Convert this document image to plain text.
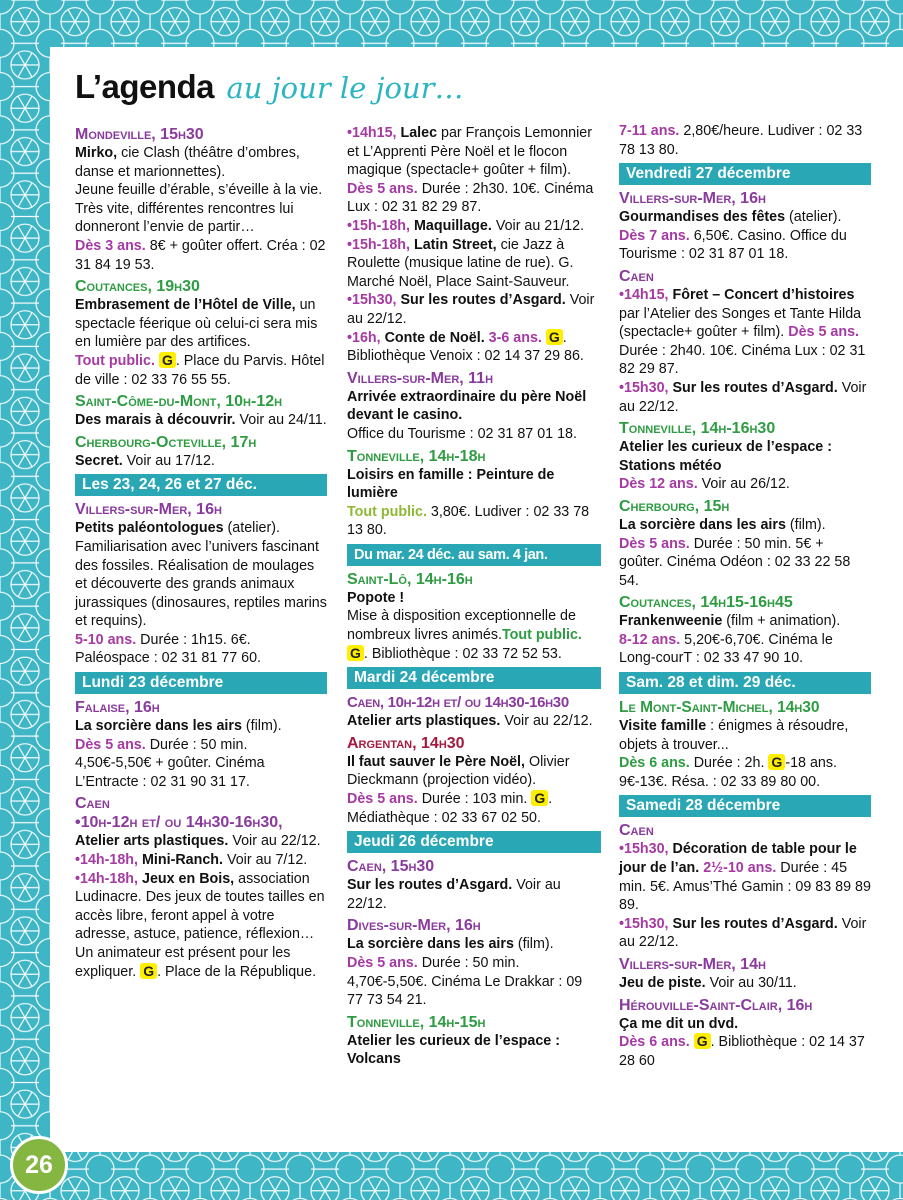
L’agenda au jour le jour…
Mondeville, 15h30
Mirko, cie Clash (théâtre d’ombres, danse et marionnettes).
Jeune feuille d’érable, s’éveille à la vie. Très vite, différentes rencontres lui donneront l’envie de partir…
Dès 3 ans. 8€ + goûter offert. Créa : 02 31 84 19 53.
Coutances, 19h30
Embrasement de l’Hôtel de Ville, un spectacle féerique où celui-ci sera mis en lumière par des artifices.
Tout public. G . Place du Parvis. Hôtel de ville : 02 33 76 55 55.
Saint-Côme-du-Mont, 10h-12h
Des marais à découvrir. Voir au 24/11.
Cherbourg-Octeville, 17h
Secret. Voir au 17/12.
Les 23, 24, 26 et 27 déc.
Villers-sur-Mer, 16h
Petits paléontologues (atelier). Familiarisation avec l’univers fascinant des fossiles. Réalisation de moulages et découverte des grands animaux jurassiques (dinosaures, reptiles marins et requins).
5-10 ans. Durée : 1h15. 6€. Paléospace : 02 31 81 77 60.
Lundi 23 décembre
Falaise, 16h
La sorcière dans les airs (film).
Dès 5 ans. Durée : 50 min. 4,50€-5,50€ + goûter. Cinéma L’Entracte : 02 31 90 31 17.
Caen
•10h-12h et/ ou 14h30-16h30,
Atelier arts plastiques. Voir au 22/12.
•14h-18h, Mini-Ranch. Voir au 7/12.
•14h-18h, Jeux en Bois, association Ludinacre. Des jeux de toutes tailles en accès libre, feront appel à votre adresse, astuce, patience, réflexion… Un animateur est présent pour les expliquer. G . Place de la République.
•14h15, Lalec par François Lemonnier et L’Apprenti Père Noël et le flocon magique (spectacle+ goûter + film). Dès 5 ans. Durée : 2h30. 10€. Cinéma Lux : 02 31 82 29 87.
•15h-18h, Maquillage. Voir au 21/12.
•15h-18h, Latin Street, cie Jazz à Roulette (musique latine de rue). G. Marché Noël, Place Saint-Sauveur.
•15h30, Sur les routes d’Asgard. Voir au 22/12.
•16h, Conte de Noël. 3-6 ans. G . Bibliothèque Venoix : 02 14 37 29 86.
Villers-sur-Mer, 11h
Arrivée extraordinaire du père Noël devant le casino.
Office du Tourisme : 02 31 87 01 18.
Tonneville, 14h-18h
Loisirs en famille : Peinture de lumière
Tout public. 3,80€. Ludiver : 02 33 78 13 80.
Du mar. 24 déc. au sam. 4 jan.
Saint-Lô, 14h-16h
Popote !
Mise à disposition exceptionnelle de nombreux livres animés.Tout public. G . Bibliothèque : 02 33 72 52 53.
Mardi 24 décembre
Caen, 10h-12h et/ ou 14h30-16h30
Atelier arts plastiques. Voir au 22/12.
Argentan, 14h30
Il faut sauver le Père Noël, Olivier Dieckmann (projection vidéo).
Dès 5 ans. Durée : 103 min. G . Médiathèque : 02 33 67 02 50.
Jeudi 26 décembre
Caen, 15h30
Sur les routes d’Asgard. Voir au 22/12.
Dives-sur-Mer, 16h
La sorcière dans les airs (film).
Dès 5 ans. Durée : 50 min. 4,70€-5,50€. Cinéma Le Drakkar : 09 77 73 54 21.
Tonneville, 14h-15h
Atelier les curieux de l’espace : Volcans
7-11 ans. 2,80€/heure. Ludiver : 02 33 78 13 80.
Vendredi 27 décembre
Villers-sur-Mer, 16h
Gourmandises des fêtes (atelier).
Dès 7 ans. 6,50€. Casino. Office du Tourisme : 02 31 87 01 18.
Caen
•14h15, Fôret – Concert d’histoires par l’Atelier des Songes et Tante Hilda (spectacle+ goûter + film). Dès 5 ans. Durée : 2h40. 10€. Cinéma Lux : 02 31 82 29 87.
•15h30, Sur les routes d’Asgard. Voir au 22/12.
Tonneville, 14h-16h30
Atelier les curieux de l’espace : Stations météo
Dès 12 ans. Voir au 26/12.
Cherbourg, 15h
La sorcière dans les airs (film).
Dès 5 ans. Durée : 50 min. 5€ + goûter. Cinéma Odéon : 02 33 22 58 54.
Coutances, 14h15-16h45
Frankenweenie (film + animation).
8-12 ans. 5,20€-6,70€. Cinéma le Long-courT : 02 33 47 90 10.
Sam. 28 et dim. 29 déc.
Le Mont-Saint-Michel, 14h30
Visite famille : énigmes à résoudre, objets à trouver...
Dès 6 ans. Durée : 2h. G -18 ans. 9€-13€. Résa. : 02 33 89 80 00.
Samedi 28 décembre
Caen
•15h30, Décoration de table pour le jour de l’an. 2½-10 ans. Durée : 45 min. 5€. Amus’Thé Gamin : 09 83 89 89 89.
•15h30, Sur les routes d’Asgard. Voir au 22/12.
Villers-sur-Mer, 14h
Jeu de piste. Voir au 30/11.
Hérouville-Saint-Clair, 16h
Ça me dit un dvd.
Dès 6 ans. G . Bibliothèque : 02 14 37 28 60
26
